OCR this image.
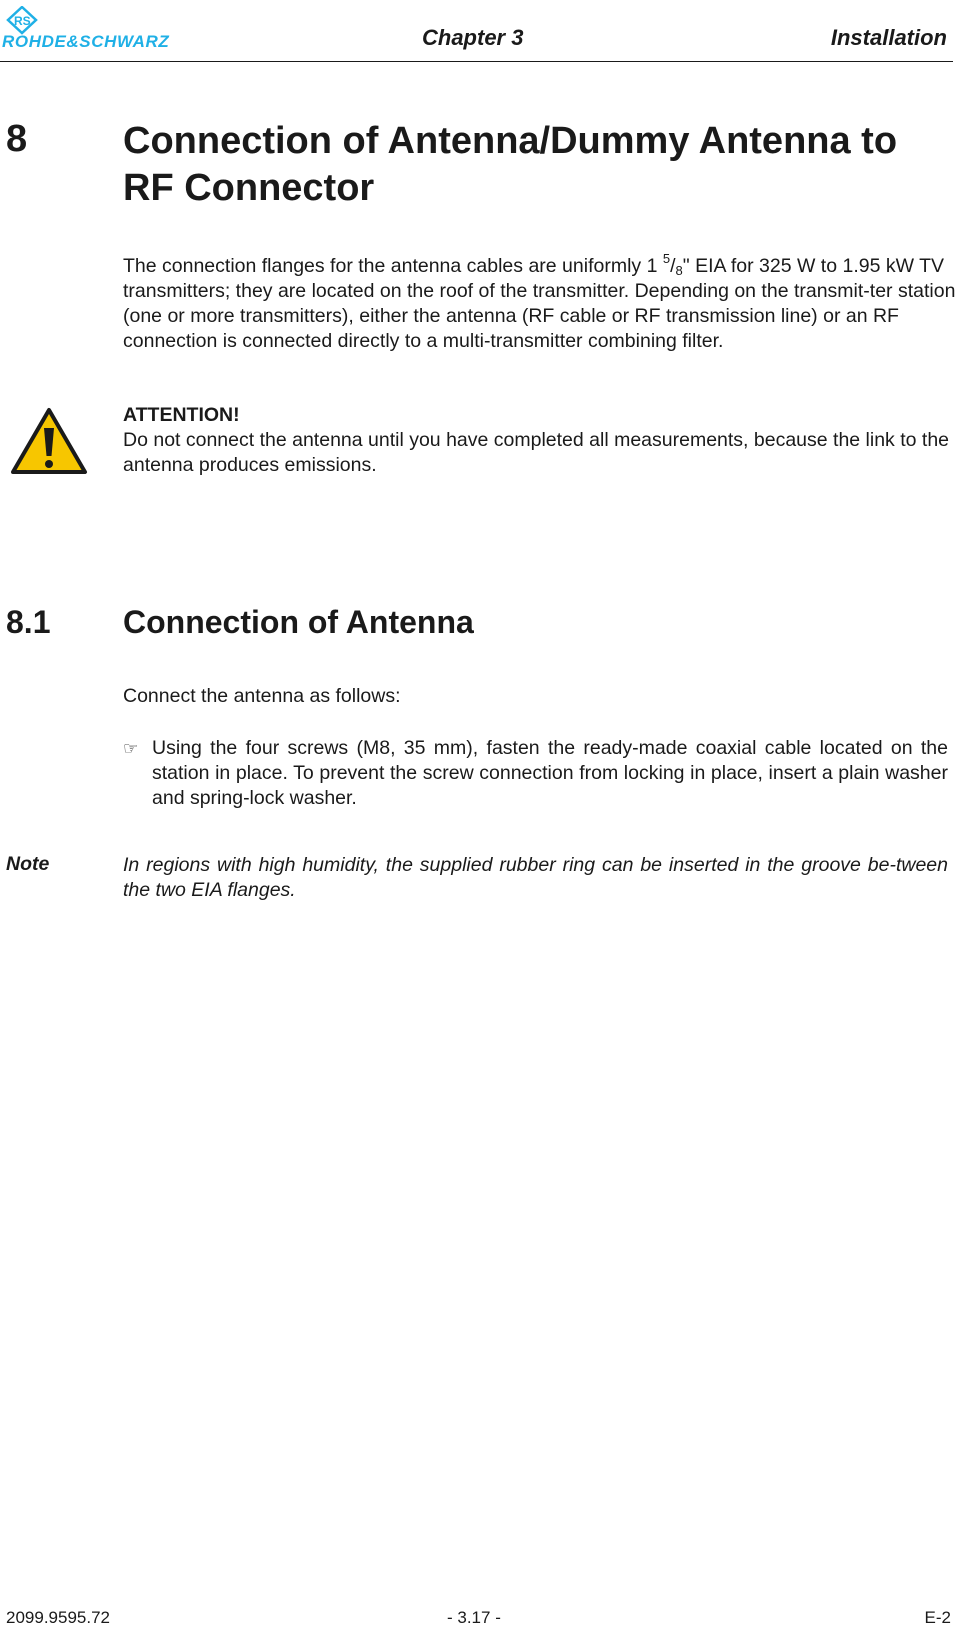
RS
ROHDE&SCHWARZ	Chapter 3	Installation
8	Connection of Antenna/Dummy Antenna to RF Connector
The connection flanges for the antenna cables are uniformly 1 $^5/_8$" EIA for 325 W to 1.95 kW TV transmitters; they are located on the roof of the transmitter. Depending on the transmit-ter station (one or more transmitters), either the antenna (RF cable or RF transmission line) or an RF connection is connected directly to a multi-transmitter combining filter.
ATTENTION!
Do not connect the antenna until you have completed all measurements, because the link to the antenna produces emissions.
8.1 Connection of Antenna
Connect the antenna as follows:
☞ Using the four screws (M8, 35 mm), fasten the ready-made coaxial cable located on the station in place. To prevent the screw connection from locking in place, insert a plain washer and spring-lock washer.
Note	In regions with high humidity, the supplied rubber ring can be inserted in the groove be-tween the two EIA flanges.
2099.9595.72	- 3.17 -	E-2
